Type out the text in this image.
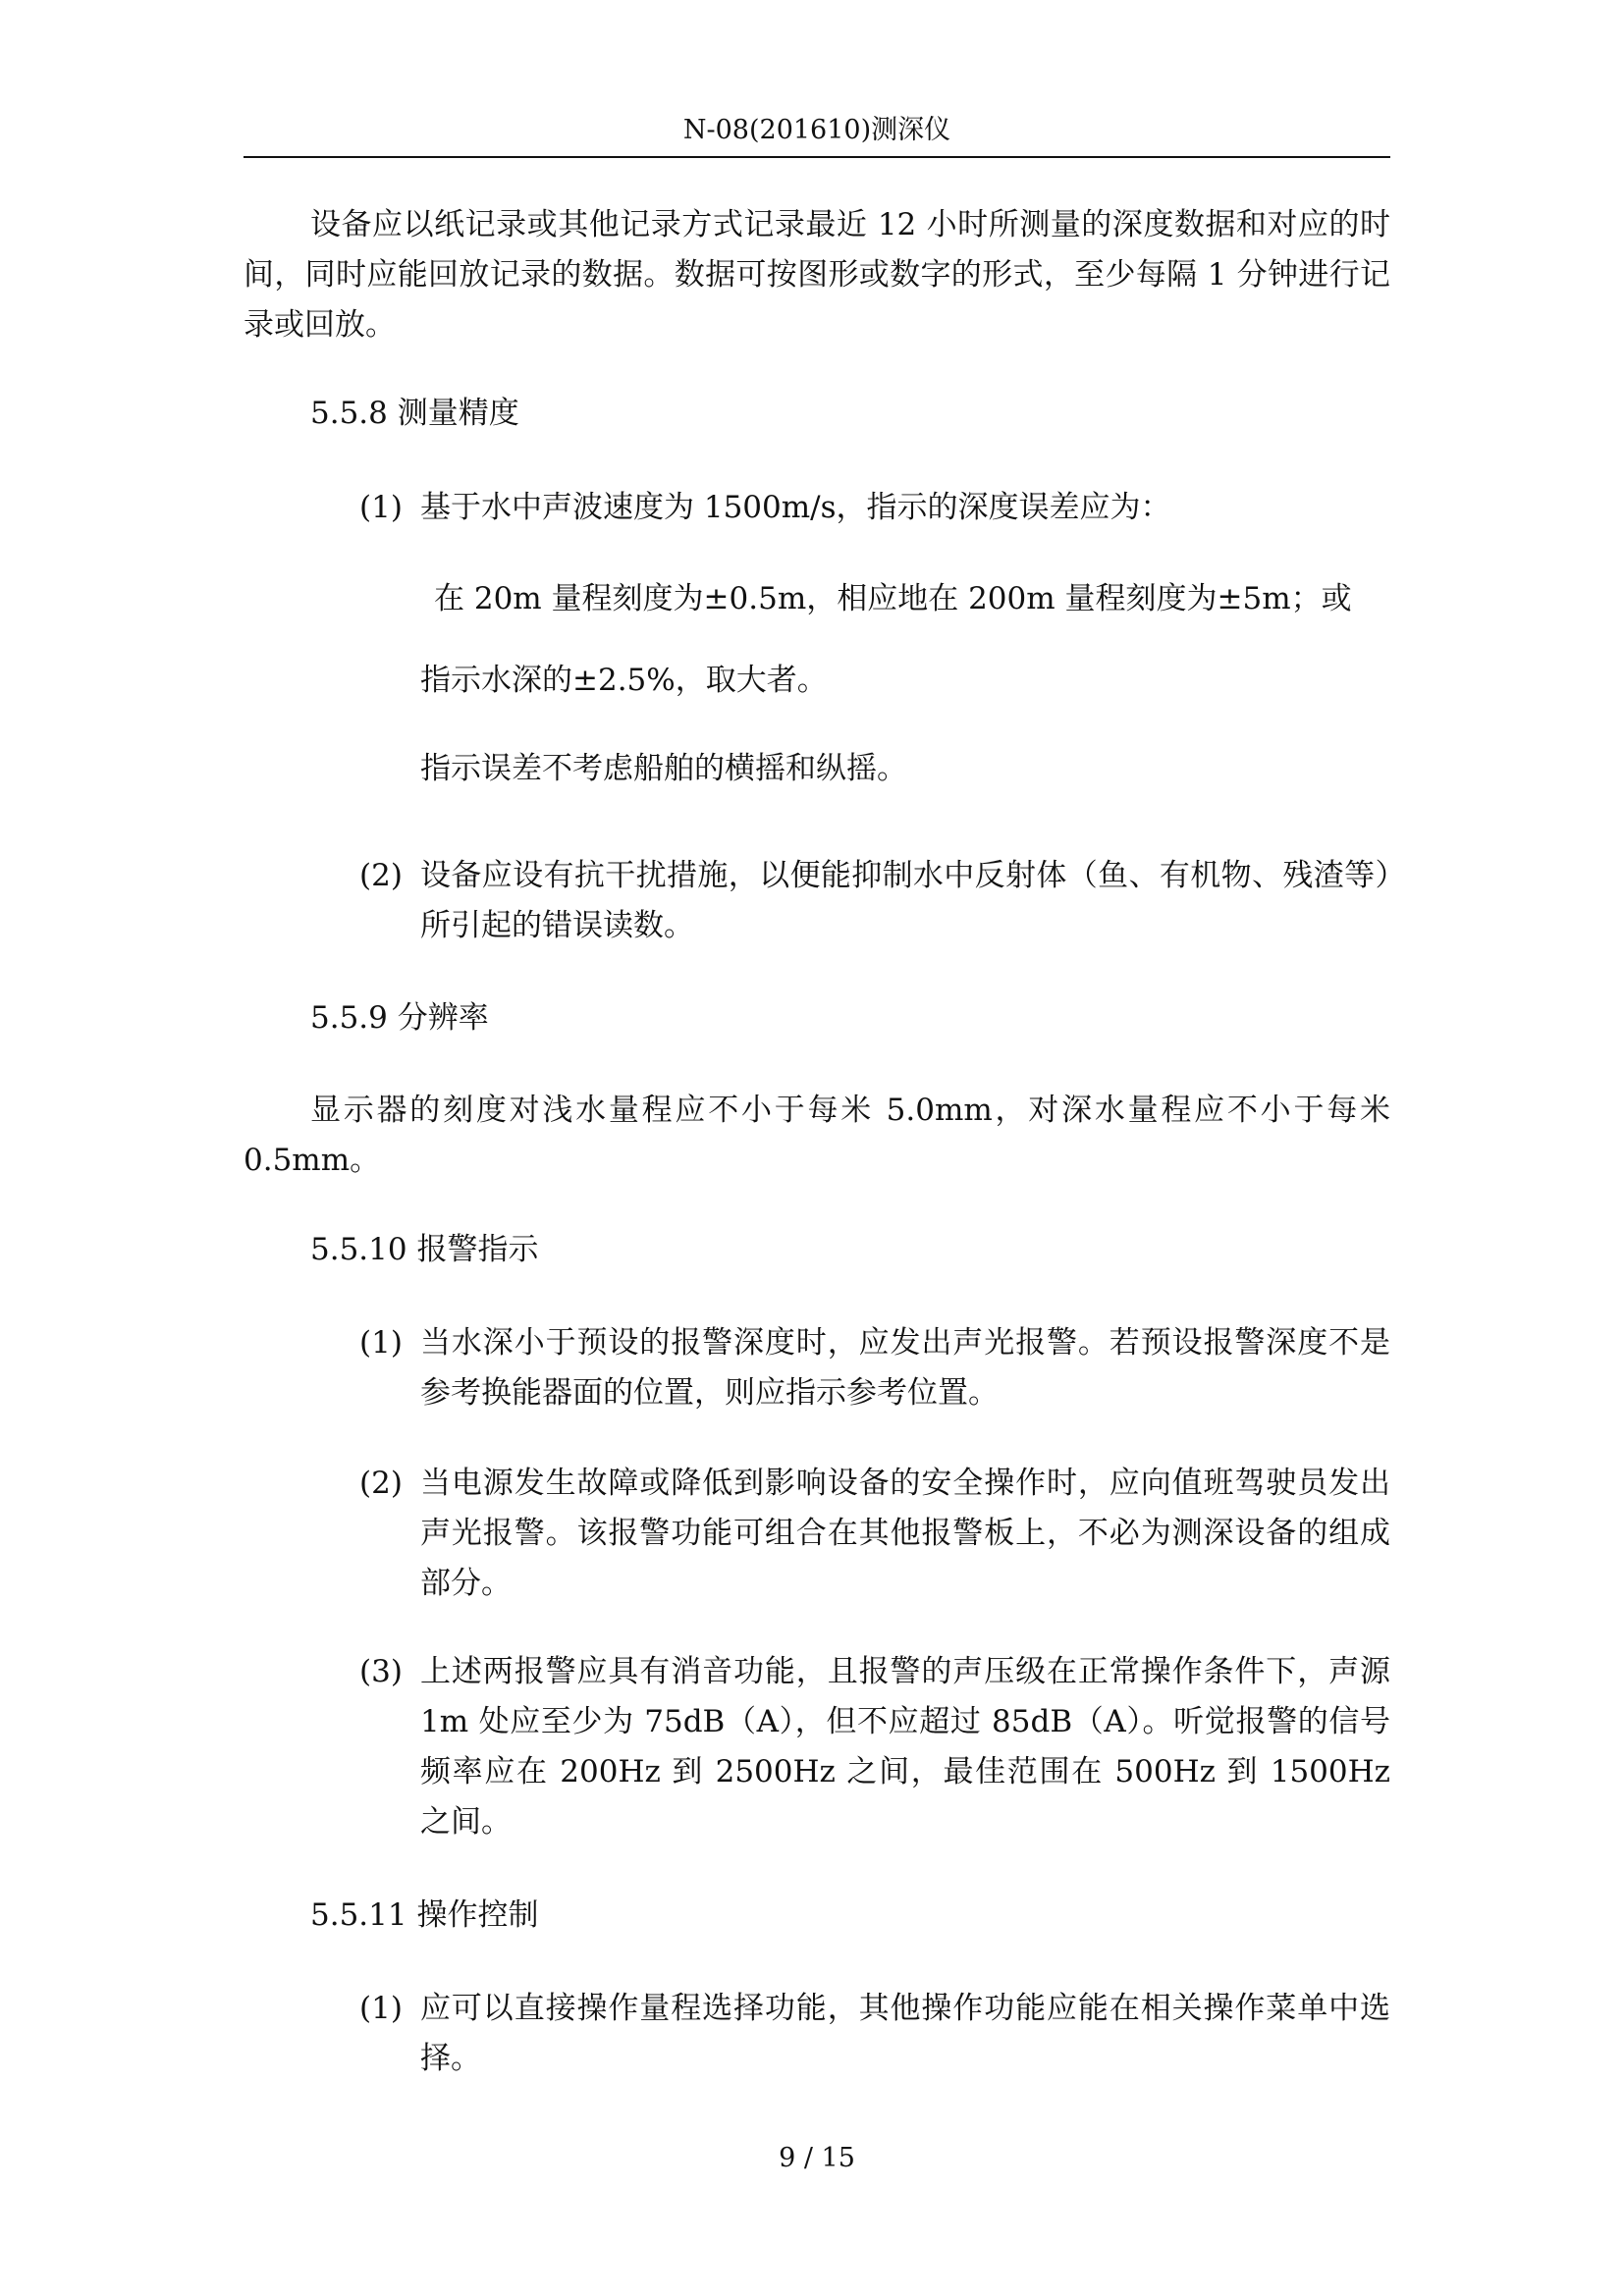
N-08(201610)测深仪

设备应以纸记录或其他记录方式记录最近 12 小时所测量的深度数据和对应的时间，同时应能回放记录的数据。数据可按图形或数字的形式，至少每隔 1 分钟进行记录或回放。

5.5.8 测量精度

(1) 基于水中声波速度为 1500m/s，指示的深度误差应为：

在 20m 量程刻度为±0.5m，相应地在 200m 量程刻度为±5m；或

指示水深的±2.5%，取大者。

指示误差不考虑船舶的横摇和纵摇。

(2) 设备应设有抗干扰措施，以便能抑制水中反射体（鱼、有机物、残渣等）所引起的错误读数。

5.5.9 分辨率

显示器的刻度对浅水量程应不小于每米 5.0mm，对深水量程应不小于每米 0.5mm。

5.5.10 报警指示

(1) 当水深小于预设的报警深度时，应发出声光报警。若预设报警深度不是参考换能器面的位置，则应指示参考位置。
(2) 当电源发生故障或降低到影响设备的安全操作时，应向值班驾驶员发出声光报警。该报警功能可组合在其他报警板上，不必为测深设备的组成部分。
(3) 上述两报警应具有消音功能，且报警的声压级在正常操作条件下，声源 1m 处应至少为 75dB（A），但不应超过 85dB（A）。听觉报警的信号频率应在 200Hz 到 2500Hz 之间，最佳范围在 500Hz 到 1500Hz 之间。

5.5.11 操作控制

(1) 应可以直接操作量程选择功能，其他操作功能应能在相关操作菜单中选择。
9 / 15
